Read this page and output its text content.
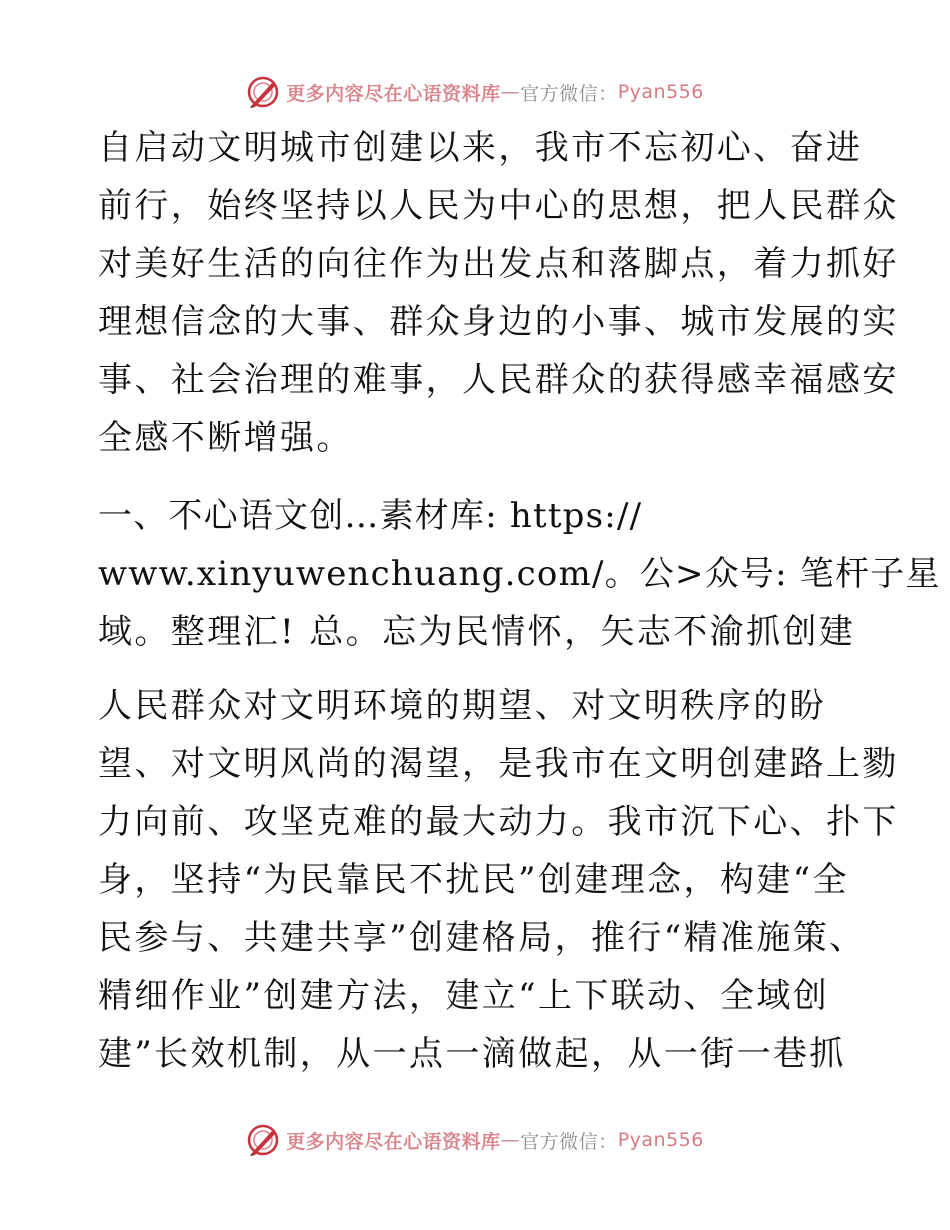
更多内容尽在心语资料库 — 官方微信： Pyan556
自启动文明城市创建以来，我市不忘初心、奋进
前行，始终坚持以人民为中心的思想，把人民群众
对美好生活的向往作为出发点和落脚点，着力抓好
理想信念的大事、群众身边的小事、城市发展的实
事、社会治理的难事，人民群众的获得感幸福感安
全感不断增强。
一、不心语文创…素材库: https://
www.xinyuwenchuang.com/。公>众号: 笔杆子星
域。整理汇! 总。忘为民情怀，矢志不渝抓创建
人民群众对文明环境的期望、对文明秩序的盼
望、对文明风尚的渴望，是我市在文明创建路上勠
力向前、攻坚克难的最大动力。我市沉下心、扑下
身，坚持“为民靠民不扰民”创建理念，构建“全
民参与、共建共享”创建格局，推行“精准施策、
精细作业”创建方法，建立“上下联动、全域创
建”长效机制，从一点一滴做起，从一街一巷抓
更多内容尽在心语资料库 — 官方微信： Pyan556
